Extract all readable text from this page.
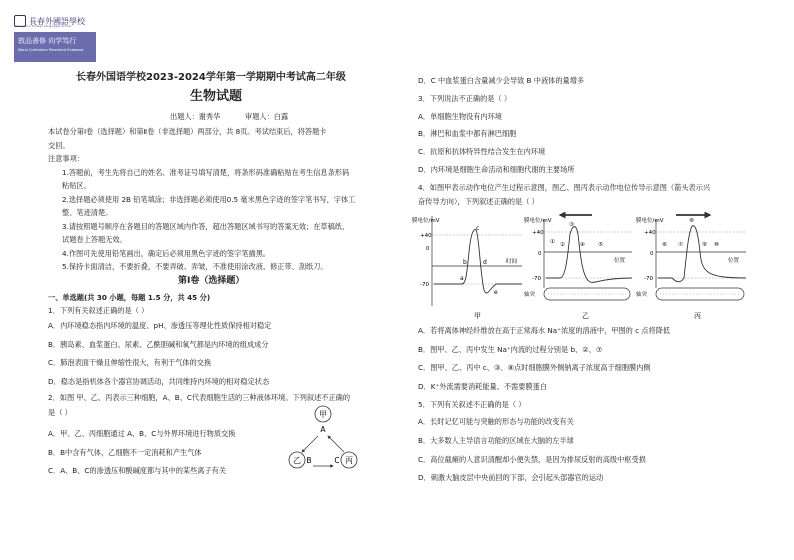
長春外國語學校
Changchun Foreign Languages School
敦品善修 向学笃行
Moral Cultivation Persistent Endeavor
长春外国语学校2023-2024学年第一学期期中考试高二年级
生物试题
出题人：谢秀华	审题人：白露
本试卷分第Ⅰ卷（选择题）和第Ⅱ卷（非选择题）两部分，共 8页。考试结束后，将答题卡
交回。
注意事项：
1.答题前，考生先将自己的姓名、准考证号填写清楚，将条形码准确粘贴在考生信息条形码
粘贴区。
2.选择题必须使用 2B 铅笔填涂；非选择题必须使用0.5 毫米黑色字迹的签字笔书写，字体工
整、笔迹清楚。
3.请按照题号顺序在各题目的答题区域内作答，超出答题区域书写的答案无效；在草稿纸、
试题卷上答题无效。
4.作图可先使用铅笔画出，确定后必须用黑色字迹的签字笔描黑。
5.保持卡面清洁，不要折叠，不要弄破、弄皱，不准使用涂改液、修正带、刮纸刀。
第Ⅰ卷（选择题）
一、单选题(共 30 小题，每题 1.5 分，共 45 分)
1．下列有关叙述正确的是（ ）
A．内环境稳态指内环境的温度、pH、渗透压等理化性质保持相对稳定
B．胰岛素、血浆蛋白、尿素、乙酰胆碱和氧气都是内环境的组成成分
C．肺泡表面干燥且伸缩性很大，有利于气体的交换
D．稳态是指机体各个器官协调活动，共同维持内环境的相对稳定状态
2．如图 甲、乙、丙表示三种细胞，A、B、C代表细胞生活的三种液体环境。下列叙述不正确的
是（ ）
A．甲、乙、丙细胞通过 A、B、C与外界环境进行物质交换
B．B中含有气体，乙细胞不一定消耗和产生气体
C．A、B、C的渗透压和酸碱度都与其中的某些离子有关
甲
A
乙 B	丙
C
D．C 中血浆蛋白含量减少会导致 B 中液体的量增多
3．下列说法不正确的是（ ）
A．单细胞生物没有内环境
B．淋巴和血浆中都有淋巴细胞
C．抗原和抗体特异性结合发生在内环境
D．内环境是细胞生命活动和细胞代谢的主要场所
4．如图甲表示动作电位产生过程示意图，图乙、图丙表示动作电位传导示意图（箭头表示兴
奋传导方向），下列叙述正确的是（ ）
膜电位/mV
+40
0
-70
a
b
c
d
e
时间
甲
膜电位/mV
+40
0
-70
① ②
③
④ ⑤
位置
轴突
乙
膜电位/mV
+40
0
-70
⑥ ⑦
⑧
⑨ ⑩
位置
轴突
丙
A．若将离体神经纤维放在高于正常海水 Na⁺浓度的溶液中，甲图的 c 点将降低
B．图甲、乙、丙中发生 Na⁺内流的过程分别是 b、②、⑦
C．图甲、乙、丙中 c、③、⑧点时细胞膜外侧钠离子浓度高于细胞膜内侧
D．K⁺外流需要消耗能量、不需要膜蛋白
5．下列有关叙述不正确的是（ ）
A．长时记忆可能与突触的形态与功能的改变有关
B．大多数人主导语言功能的区域在大脑的左半球
C．高位截瘫的人意识清醒却小便失禁，是因为排尿反射的高级中枢受损
D．刺激大脑皮层中央前回的下部，会引起头部器官的运动
